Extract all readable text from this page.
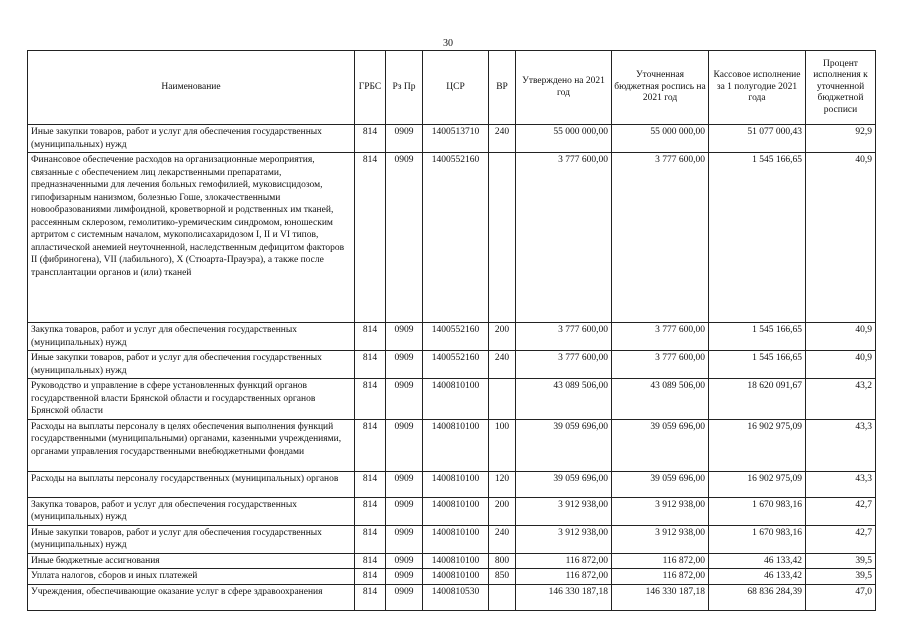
30
Наименование	ГРБС	Рз Пр	ЦСР	ВР	Утверждено на 2021 год	Уточненная бюджетная роспись на 2021 год	Кассовое исполнение за 1 полугодие 2021 года	Процент исполнения к уточненной бюджетной росписи
Иные закупки товаров, работ и услуг для обеспечения государственных (муниципальных) нужд	814	0909	1400513710	240	55 000 000,00	55 000 000,00	51 077 000,43	92,9
Финансовое обеспечение расходов на организационные мероприятия, связанные с обеспечением лиц лекарственными препаратами, предназначенными для лечения больных гемофилией, муковисцидозом, гипофизарным нанизмом, болезнью Гоше, злокачественными новообразованиями лимфоидной, кроветворной и родственных им тканей, рассеянным склерозом, гемолитико-уремическим синдромом, юношеским артритом с системным началом, мукополисахаридозом I, II и VI типов, апластической анемией неуточненной, наследственным дефицитом факторов II (фибриногена), VII (лабильного), X (Стюарта-Прауэра), а также после трансплантации органов и (или) тканей	814	0909	1400552160		3 777 600,00	3 777 600,00	1 545 166,65	40,9
Закупка товаров, работ и услуг для обеспечения государственных (муниципальных) нужд	814	0909	1400552160	200	3 777 600,00	3 777 600,00	1 545 166,65	40,9
Иные закупки товаров, работ и услуг для обеспечения государственных (муниципальных) нужд	814	0909	1400552160	240	3 777 600,00	3 777 600,00	1 545 166,65	40,9
Руководство и управление в сфере установленных функций органов государственной власти Брянской области и государственных органов Брянской области	814	0909	1400810100		43 089 506,00	43 089 506,00	18 620 091,67	43,2
Расходы на выплаты персоналу в целях обеспечения выполнения функций государственными (муниципальными) органами, казенными учреждениями, органами управления государственными внебюджетными фондами	814	0909	1400810100	100	39 059 696,00	39 059 696,00	16 902 975,09	43,3
Расходы на выплаты персоналу государственных (муниципальных) органов	814	0909	1400810100	120	39 059 696,00	39 059 696,00	16 902 975,09	43,3
Закупка товаров, работ и услуг для обеспечения государственных (муниципальных) нужд	814	0909	1400810100	200	3 912 938,00	3 912 938,00	1 670 983,16	42,7
Иные закупки товаров, работ и услуг для обеспечения государственных (муниципальных) нужд	814	0909	1400810100	240	3 912 938,00	3 912 938,00	1 670 983,16	42,7
Иные бюджетные ассигнования	814	0909	1400810100	800	116 872,00	116 872,00	46 133,42	39,5
Уплата налогов, сборов и иных платежей	814	0909	1400810100	850	116 872,00	116 872,00	46 133,42	39,5
Учреждения, обеспечивающие оказание услуг в сфере здравоохранения	814	0909	1400810530		146 330 187,18	146 330 187,18	68 836 284,39	47,0
